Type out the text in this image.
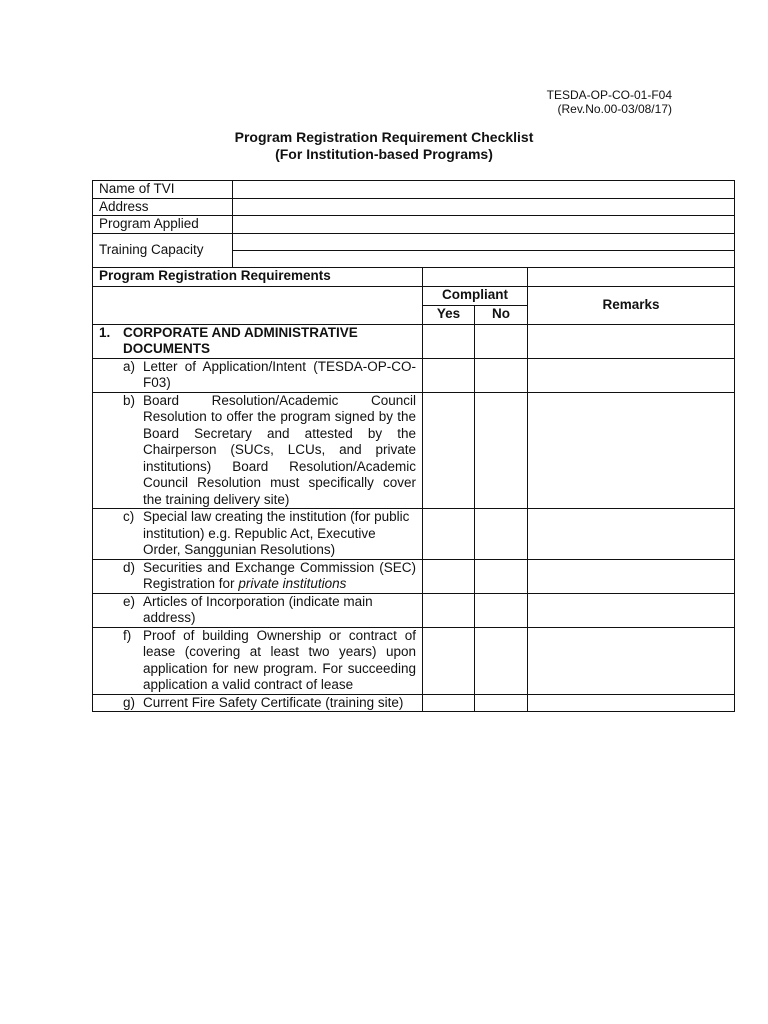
TESDA-OP-CO-01-F04
(Rev.No.00-03/08/17)
Program Registration Requirement Checklist
(For Institution-based Programs)
Name of TVI				
Address				
Program Applied				
Training Capacity				

Program Registration Requirements				
		Compliant		Remarks
		Yes	No	

1. CORPORATE AND ADMINISTRATIVE DOCUMENTS				

a) Letter of Application/Intent (TESDA-OP-CO-F03)				

b) Board Resolution/Academic Council Resolution to offer the program signed by the Board Secretary and attested by the Chairperson (SUCs, LCUs, and private institutions) Board Resolution/Academic Council Resolution must specifically cover the training delivery site)				

c) Special law creating the institution (for public institution) e.g. Republic Act, Executive Order, Sanggunian Resolutions)				

d) Securities and Exchange Commission (SEC) Registration for private institutions				

e) Articles of Incorporation (indicate main address)				

f) Proof of building Ownership or contract of lease (covering at least two years) upon application for new program. For succeeding application a valid contract of lease				

g) Current Fire Safety Certificate (training site)				
